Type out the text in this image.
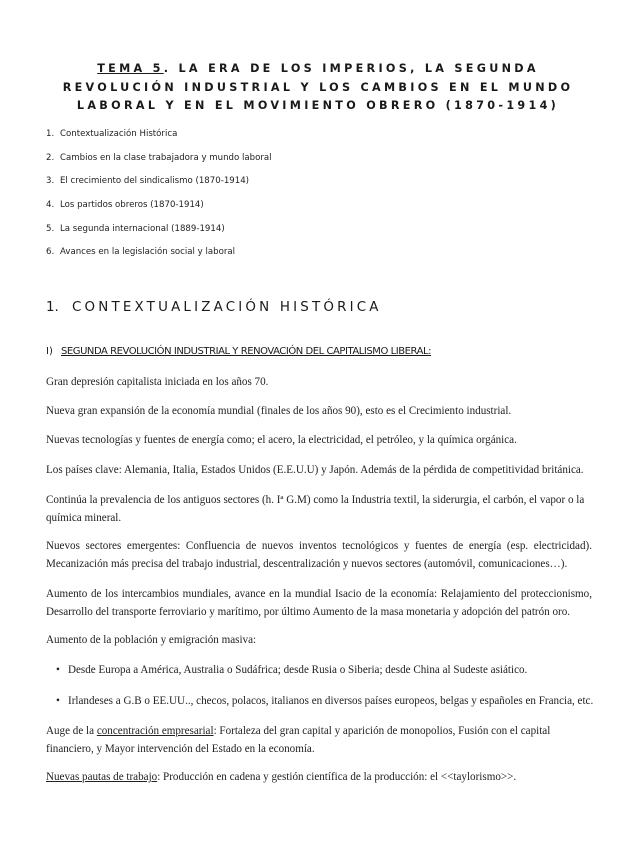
TEMA 5. LA ERA DE LOS IMPERIOS, LA SEGUNDA REVOLUCIÓN INDUSTRIAL Y LOS CAMBIOS EN EL MUNDO LABORAL Y EN EL MOVIMIENTO OBRERO (1870-1914)
1. Contextualización Histórica
2. Cambios en la clase trabajadora y mundo laboral
3. El crecimiento del sindicalismo (1870-1914)
4. Los partidos obreros (1870-1914)
5. La segunda internacional (1889-1914)
6. Avances en la legislación social y laboral
1. CONTEXTUALIZACIÓN HISTÓRICA
I) SEGUNDA REVOLUCIÓN INDUSTRIAL Y RENOVACIÓN DEL CAPITALISMO LIBERAL:

Gran depresión capitalista iniciada en los años 70.

Nueva gran expansión de la economía mundial (finales de los años 90), esto es el Crecimiento industrial.

Nuevas tecnologías y fuentes de energía como; el acero, la electricidad, el petróleo, y la química orgánica.

Los países clave: Alemania, Italia, Estados Unidos (E.E.U.U) y Japón. Además de la pérdida de competitividad británica.

Continúa la prevalencia de los antiguos sectores (h. Iª G.M) como la Industria textil, la siderurgia, el carbón, el vapor o la química mineral.

Nuevos sectores emergentes: Confluencia de nuevos inventos tecnológicos y fuentes de energía (esp. electricidad). Mecanización más precisa del trabajo industrial, descentralización y nuevos sectores (automóvil, comunicaciones…).

Aumento de los intercambios mundiales, avance en la mundial Isacio de la economía: Relajamiento del proteccionismo, Desarrollo del transporte ferroviario y marítimo, por último Aumento de la masa monetaria y adopción del patrón oro.

Aumento de la población y emigración masiva:

• Desde Europa a América, Australia o Sudáfrica; desde Rusia o Siberia; desde China al Sudeste asiático.
• Irlandeses a G.B o EE.UU.., checos, polacos, italianos en diversos países europeos, belgas y españoles en Francia, etc.

Auge de la concentración empresarial: Fortaleza del gran capital y aparición de monopolios, Fusión con el capital financiero, y Mayor intervención del Estado en la economía.

Nuevas pautas de trabajo: Producción en cadena y gestión científica de la producción: el <<taylorismo>>.
